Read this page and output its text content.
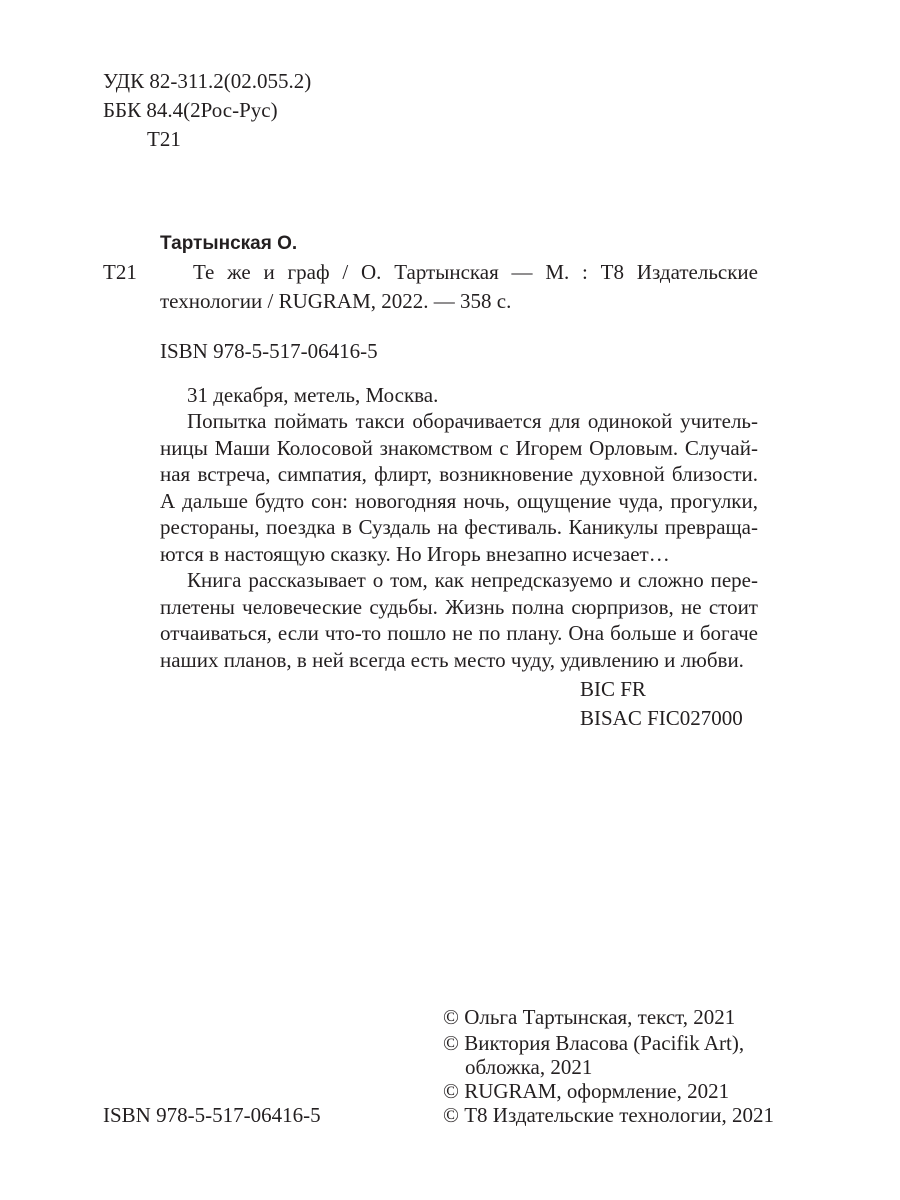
УДК 82-311.2(02.055.2)
ББК 84.4(2Рос-Рус)
Т21
Тартынская О.
Т21	Те же и граф / О. Тартынская — М. : Т8 Издательские
технологии / RUGRAM, 2022. — 358 с.
ISBN 978-5-517-06416-5
31 декабря, метель, Москва.
Попытка поймать такси оборачивается для одинокой учитель-
ницы Маши Колосовой знакомством с Игорем Орловым. Случай-
ная встреча, симпатия, флирт, возникновение духовной близости.
А дальше будто сон: новогодняя ночь, ощущение чуда, прогулки,
рестораны, поездка в Суздаль на фестиваль. Каникулы превраща-
ются в настоящую сказку. Но Игорь внезапно исчезает…
Книга рассказывает о том, как непредсказуемо и сложно пере-
плетены человеческие судьбы. Жизнь полна сюрпризов, не стоит
отчаиваться, если что-то пошло не по плану. Она больше и богаче
наших планов, в ней всегда есть место чуду, удивлению и любви.
BIC FR
BISAC FIC027000
© Ольга Тартынская, текст, 2021
© Виктория Власова (Pacifik Art),
обложка, 2021
© RUGRAM, оформление, 2021
© Т8 Издательские технологии, 2021
ISBN 978-5-517-06416-5
